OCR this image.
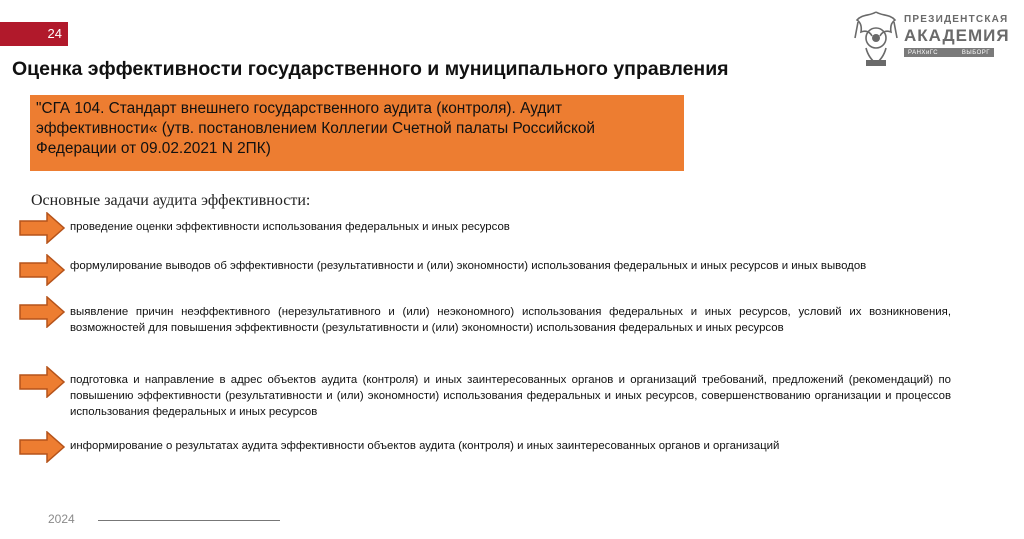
24
Оценка эффективности государственного и муниципального управления
ПРЕЗИДЕНТСКАЯ
АКАДЕМИЯ
РАНХиГС	ВЫБОРГ
"СГА 104. Стандарт внешнего государственного аудита (контроля). Аудит эффективности« (утв. постановлением Коллегии Счетной палаты Российской Федерации от 09.02.2021 N 2ПК)
Основные задачи аудита эффективности:
проведение оценки эффективности использования федеральных и иных ресурсов
формулирование выводов об эффективности (результативности и (или) экономности) использования федеральных и иных ресурсов и иных выводов
выявление причин неэффективного (нерезультативного и (или) неэкономного) использования федеральных и иных ресурсов, условий их возникновения, возможностей для повышения эффективности (результативности и (или) экономности) использования федеральных и иных ресурсов
подготовка и направление в адрес объектов аудита (контроля) и иных заинтересованных органов и организаций требований, предложений (рекомендаций) по повышению эффективности (результативности и (или) экономности) использования федеральных и иных ресурсов, совершенствованию организации и процессов использования федеральных и иных ресурсов
информирование о результатах аудита эффективности объектов аудита (контроля) и иных заинтересованных органов и организаций
2024
